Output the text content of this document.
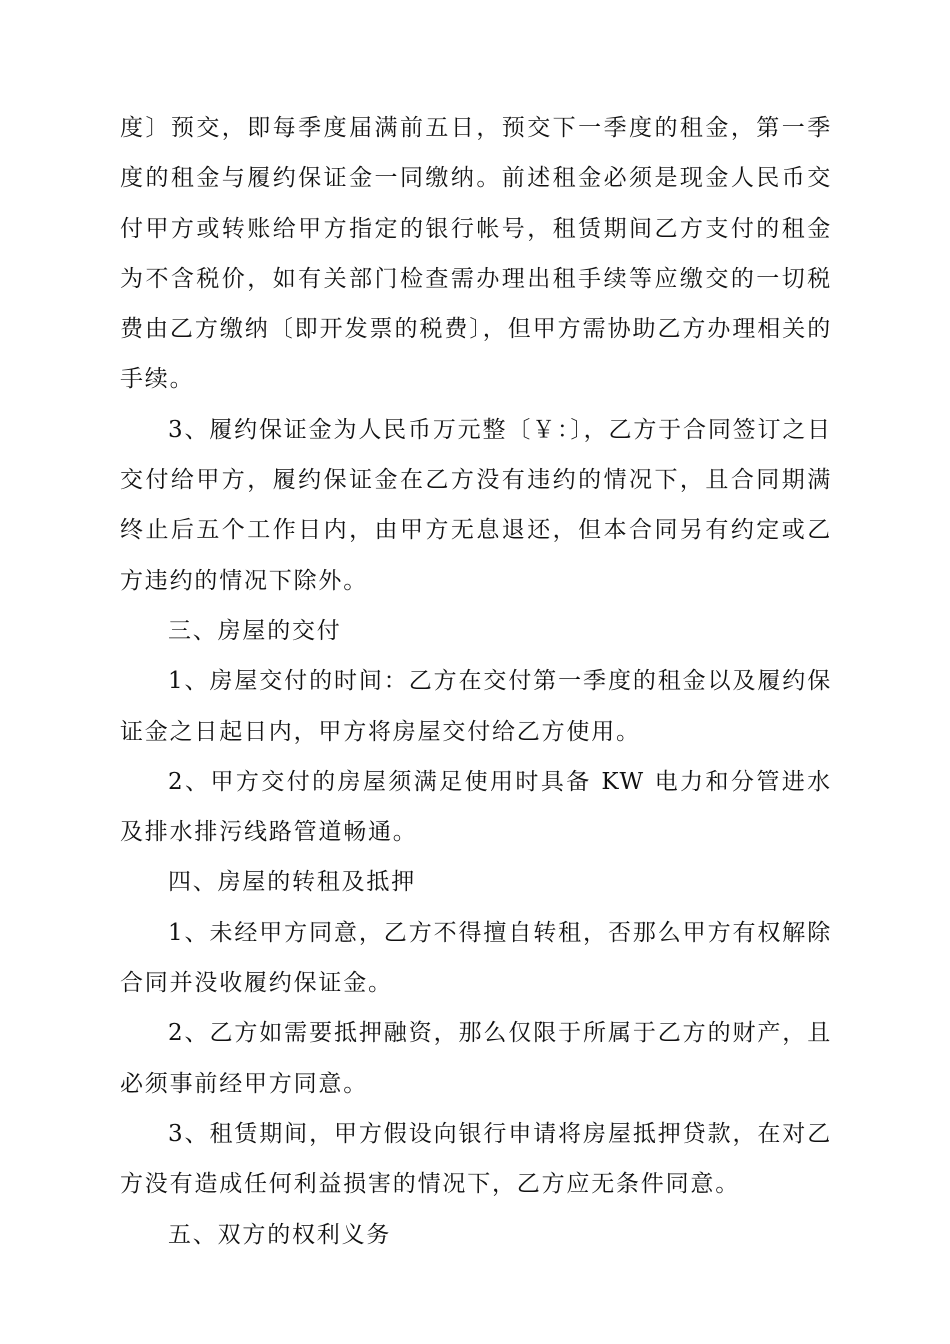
度〕预交，即每季度届满前五日，预交下一季度的租金，第一季度的租金与履约保证金一同缴纳。前述租金必须是现金人民币交付甲方或转账给甲方指定的银行帐号，租赁期间乙方支付的租金为不含税价，如有关部门检查需办理出租手续等应缴交的一切税费由乙方缴纳〔即开发票的税费〕，但甲方需协助乙方办理相关的手续。

3、履约保证金为人民币万元整〔￥：〕，乙方于合同签订之日交付给甲方，履约保证金在乙方没有违约的情况下，且合同期满终止后五个工作日内，由甲方无息退还，但本合同另有约定或乙方违约的情况下除外。

三、房屋的交付

1、房屋交付的时间：乙方在交付第一季度的租金以及履约保证金之日起日内，甲方将房屋交付给乙方使用。

2、甲方交付的房屋须满足使用时具备 KW 电力和分管进水及排水排污线路管道畅通。

四、房屋的转租及抵押

1、未经甲方同意，乙方不得擅自转租，否那么甲方有权解除合同并没收履约保证金。

2、乙方如需要抵押融资，那么仅限于所属于乙方的财产，且必须事前经甲方同意。

3、租赁期间，甲方假设向银行申请将房屋抵押贷款，在对乙方没有造成任何利益损害的情况下，乙方应无条件同意。

五、双方的权利义务
